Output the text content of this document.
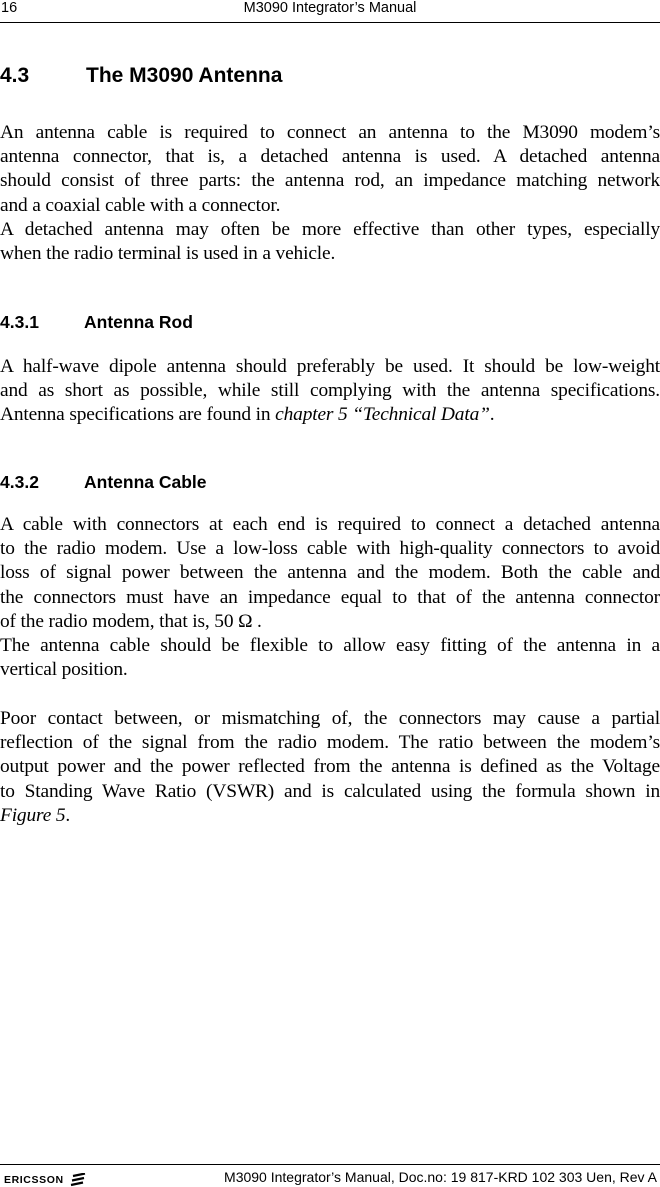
16	M3090 Integrator’s Manual
4.3	The M3090 Antenna
An antenna cable is required to connect an antenna to the M3090 modem’s
antenna connector, that is, a detached antenna is used. A detached antenna
should consist of three parts: the antenna rod, an impedance matching network
and a coaxial cable with a connector.
A detached antenna may often be more effective than other types, especially
when the radio terminal is used in a vehicle.
4.3.1	Antenna Rod
A half-wave dipole antenna should preferably be used. It should be low-weight
and as short as possible, while still complying with the antenna specifications.
Antenna specifications are found in chapter 5 “Technical Data”.
4.3.2	Antenna Cable
A cable with connectors at each end is required to connect a detached antenna
to the radio modem. Use a low-loss cable with high-quality connectors to avoid
loss of signal power between the antenna and the modem. Both the cable and
the connectors must have an impedance equal to that of the antenna connector
of the radio modem, that is, 50 Ω .
The antenna cable should be flexible to allow easy fitting of the antenna in a
vertical position.
Poor contact between, or mismatching of, the connectors may cause a partial
reflection of the signal from the radio modem. The ratio between the modem’s
output power and the power reflected from the antenna is defined as the Voltage
to Standing Wave Ratio (VSWR) and is calculated using the formula shown in
Figure 5.
ERICSSON	M3090 Integrator’s Manual, Doc.no: 19 817-KRD 102 303 Uen, Rev A
